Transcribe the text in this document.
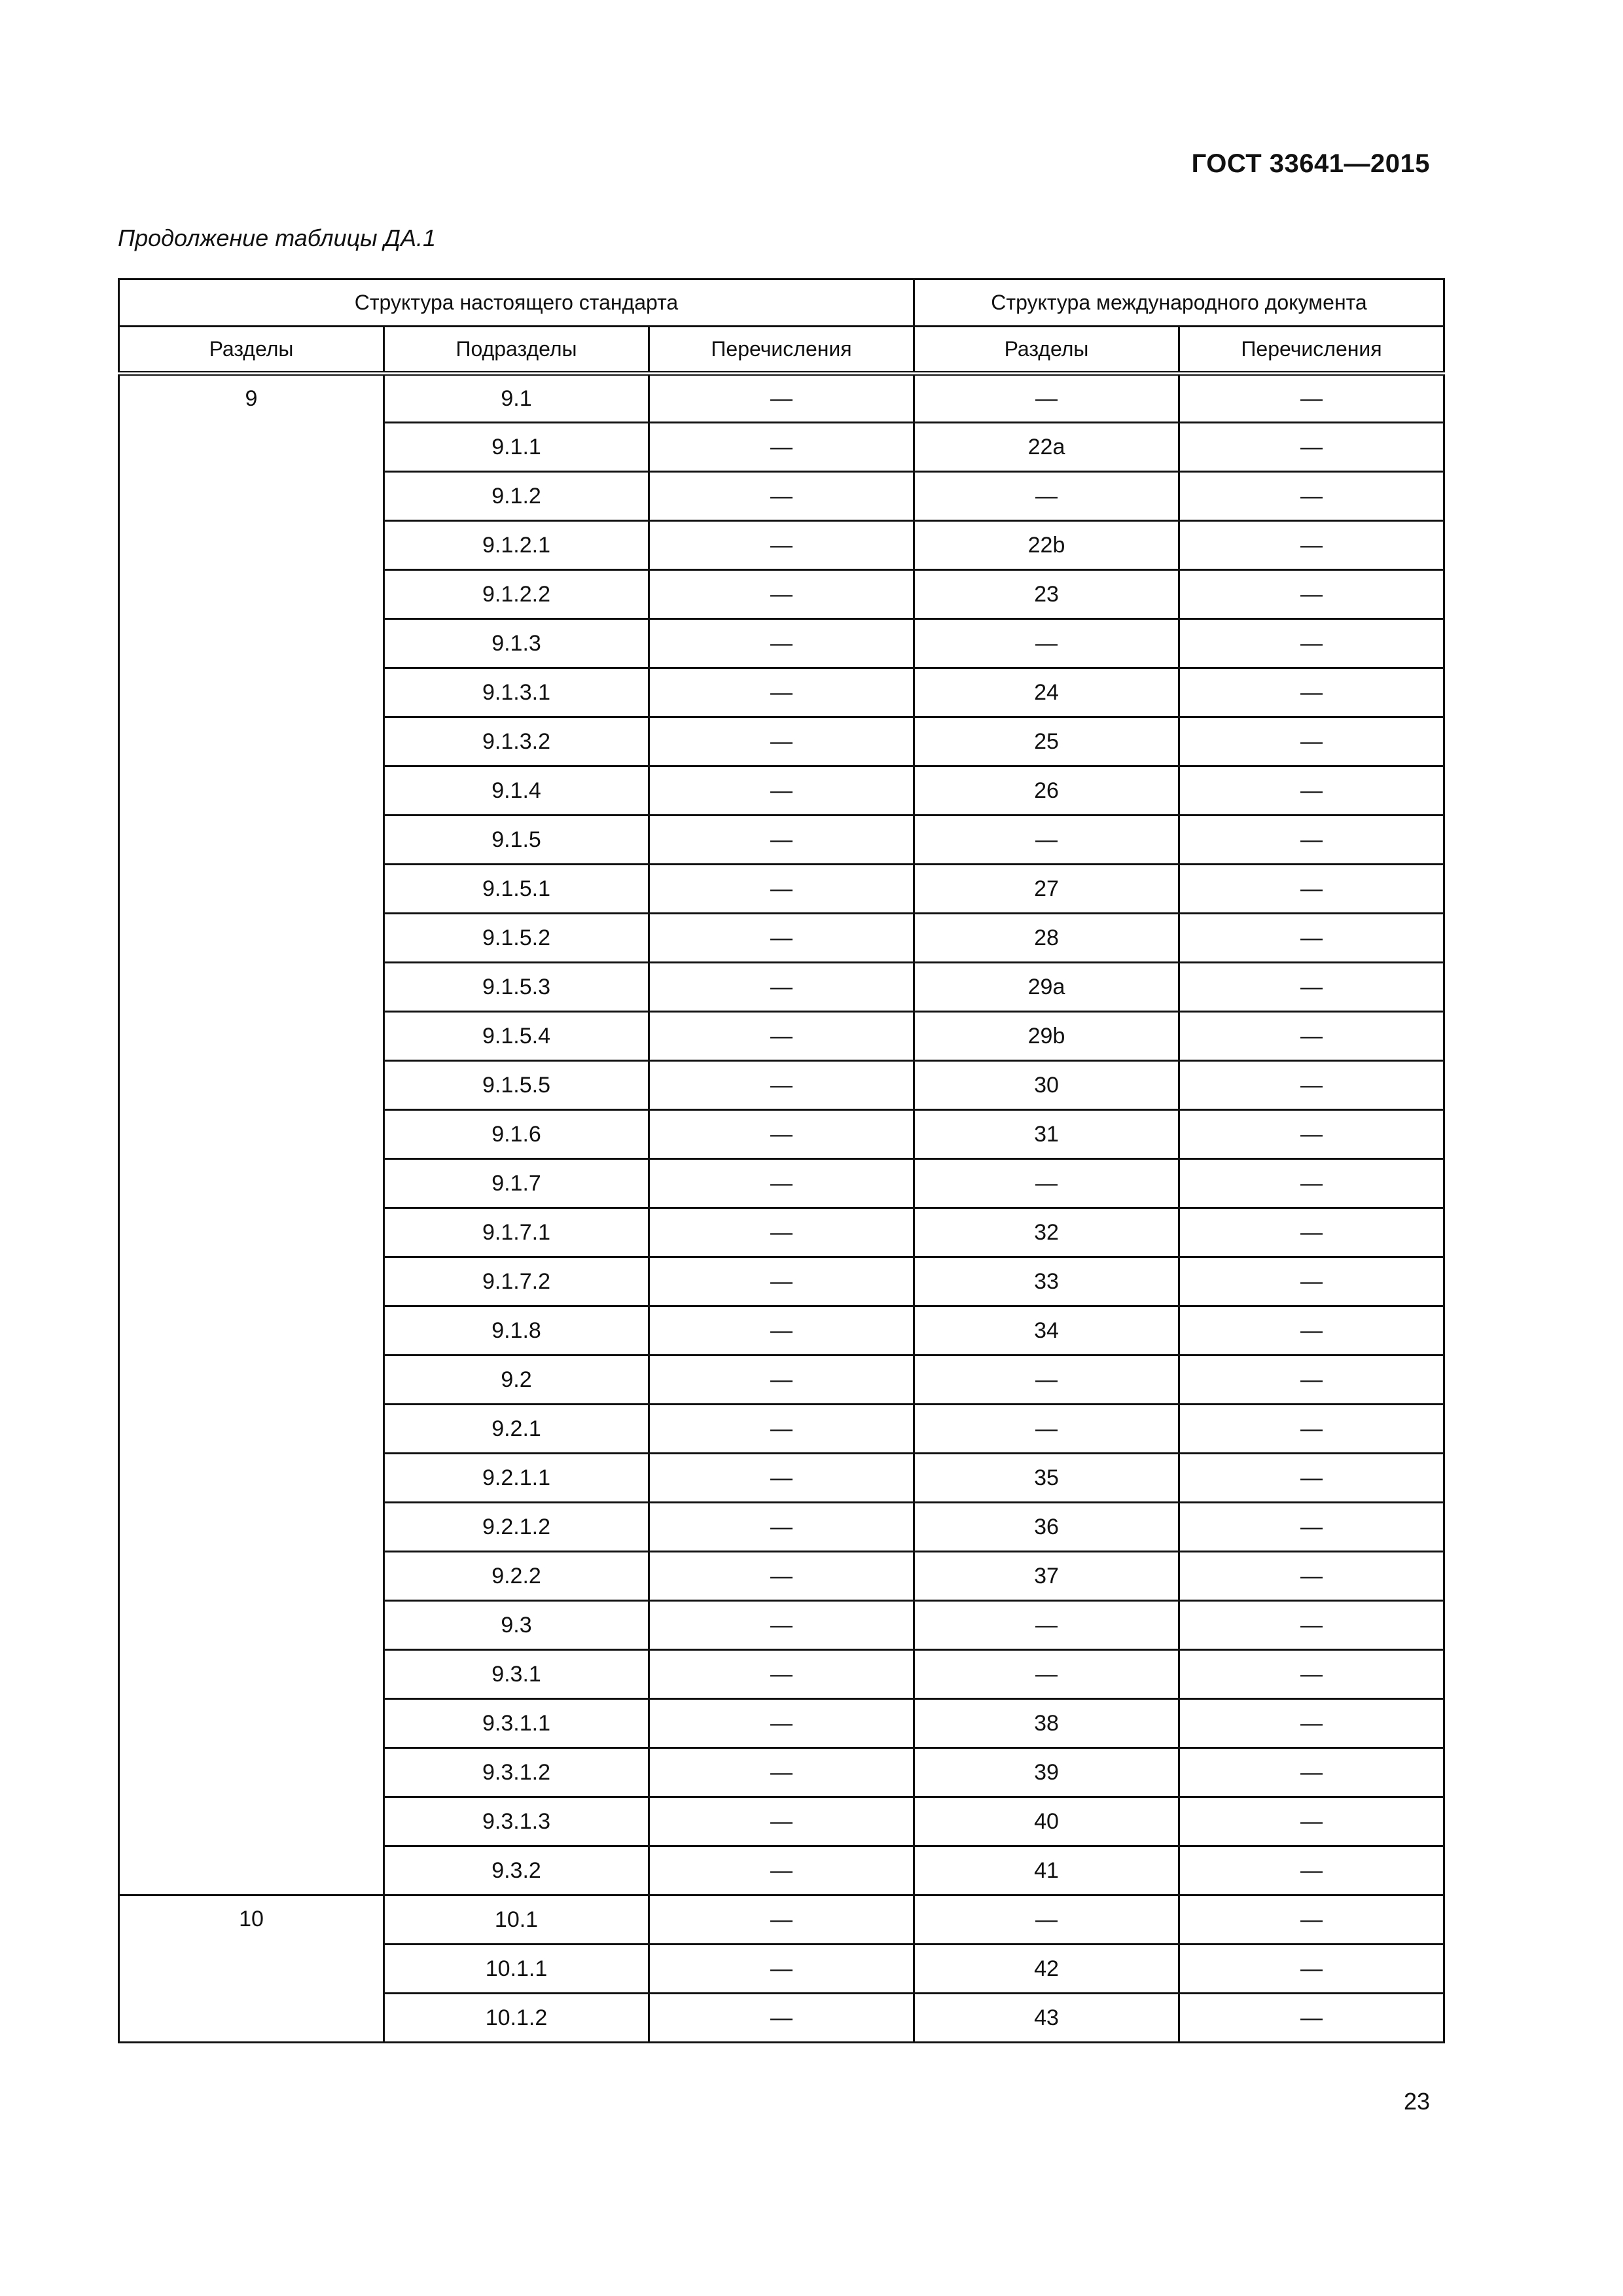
ГОСТ 33641—2015
Продолжение таблицы ДА.1
Структура настоящего стандарта			Структура международного документа	
Разделы	Подразделы	Перечисления	Разделы	Перечисления
9	9.1	—	—	—
	9.1.1	—	22a	—
	9.1.2	—	—	—
	9.1.2.1	—	22b	—
	9.1.2.2	—	23	—
	9.1.3	—	—	—
	9.1.3.1	—	24	—
	9.1.3.2	—	25	—
	9.1.4	—	26	—
	9.1.5	—	—	—
	9.1.5.1	—	27	—
	9.1.5.2	—	28	—
	9.1.5.3	—	29a	—
	9.1.5.4	—	29b	—
	9.1.5.5	—	30	—
	9.1.6	—	31	—
	9.1.7	—	—	—
	9.1.7.1	—	32	—
	9.1.7.2	—	33	—
	9.1.8	—	34	—
	9.2	—	—	—
	9.2.1	—	—	—
	9.2.1.1	—	35	—
	9.2.1.2	—	36	—
	9.2.2	—	37	—
	9.3	—	—	—
	9.3.1	—	—	—
	9.3.1.1	—	38	—
	9.3.1.2	—	39	—
	9.3.1.3	—	40	—
	9.3.2	—	41	—
10	10.1	—	—	—
	10.1.1	—	42	—
	10.1.2	—	43	—
23
